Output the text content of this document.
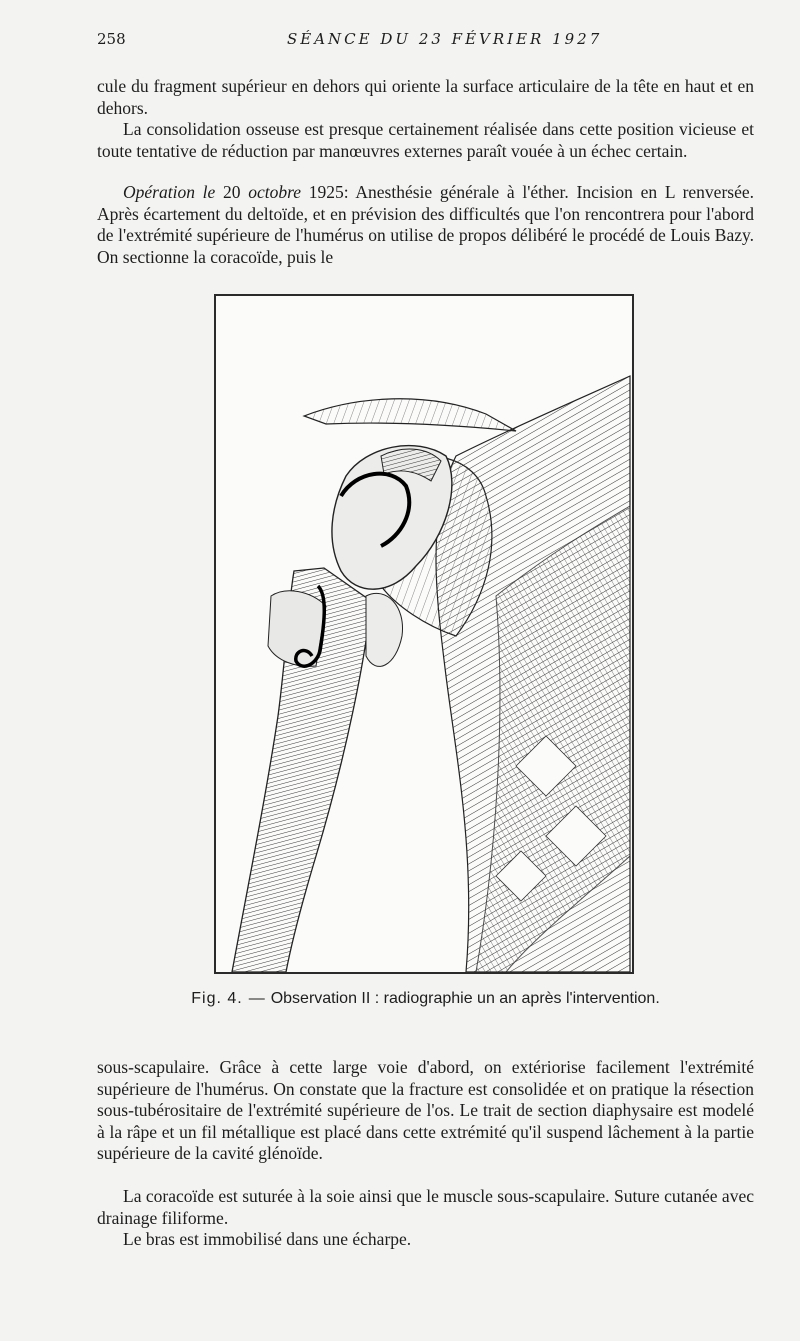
258	SÉANCE DU 23 FÉVRIER 1927

cule du fragment supérieur en dehors qui oriente la surface articulaire de la tête en haut et en dehors.

La consolidation osseuse est presque certainement réalisée dans cette position vicieuse et toute tentative de réduction par manœuvres externes paraît vouée à un échec certain.

Opération le 20 octobre 1925: Anesthésie générale à l'éther. Incision en L renversée. Après écartement du deltoïde, et en prévision des difficultés que l'on rencontrera pour l'abord de l'extrémité supérieure de l'humérus on utilise de propos délibéré le procédé de Louis Bazy. On sectionne la coracoïde, puis le

Fig. 4. — Observation II : radiographie un an après l'intervention.

sous-scapulaire. Grâce à cette large voie d'abord, on extériorise facilement l'extrémité supérieure de l'humérus. On constate que la fracture est consolidée et on pratique la résection sous-tubérositaire de l'extrémité supérieure de l'os. Le trait de section diaphysaire est modelé à la râpe et un fil métallique est placé dans cette extrémité qu'il suspend lâchement à la partie supérieure de la cavité glénoïde.

La coracoïde est suturée à la soie ainsi que le muscle sous-scapulaire. Suture cutanée avec drainage filiforme.

Le bras est immobilisé dans une écharpe.
